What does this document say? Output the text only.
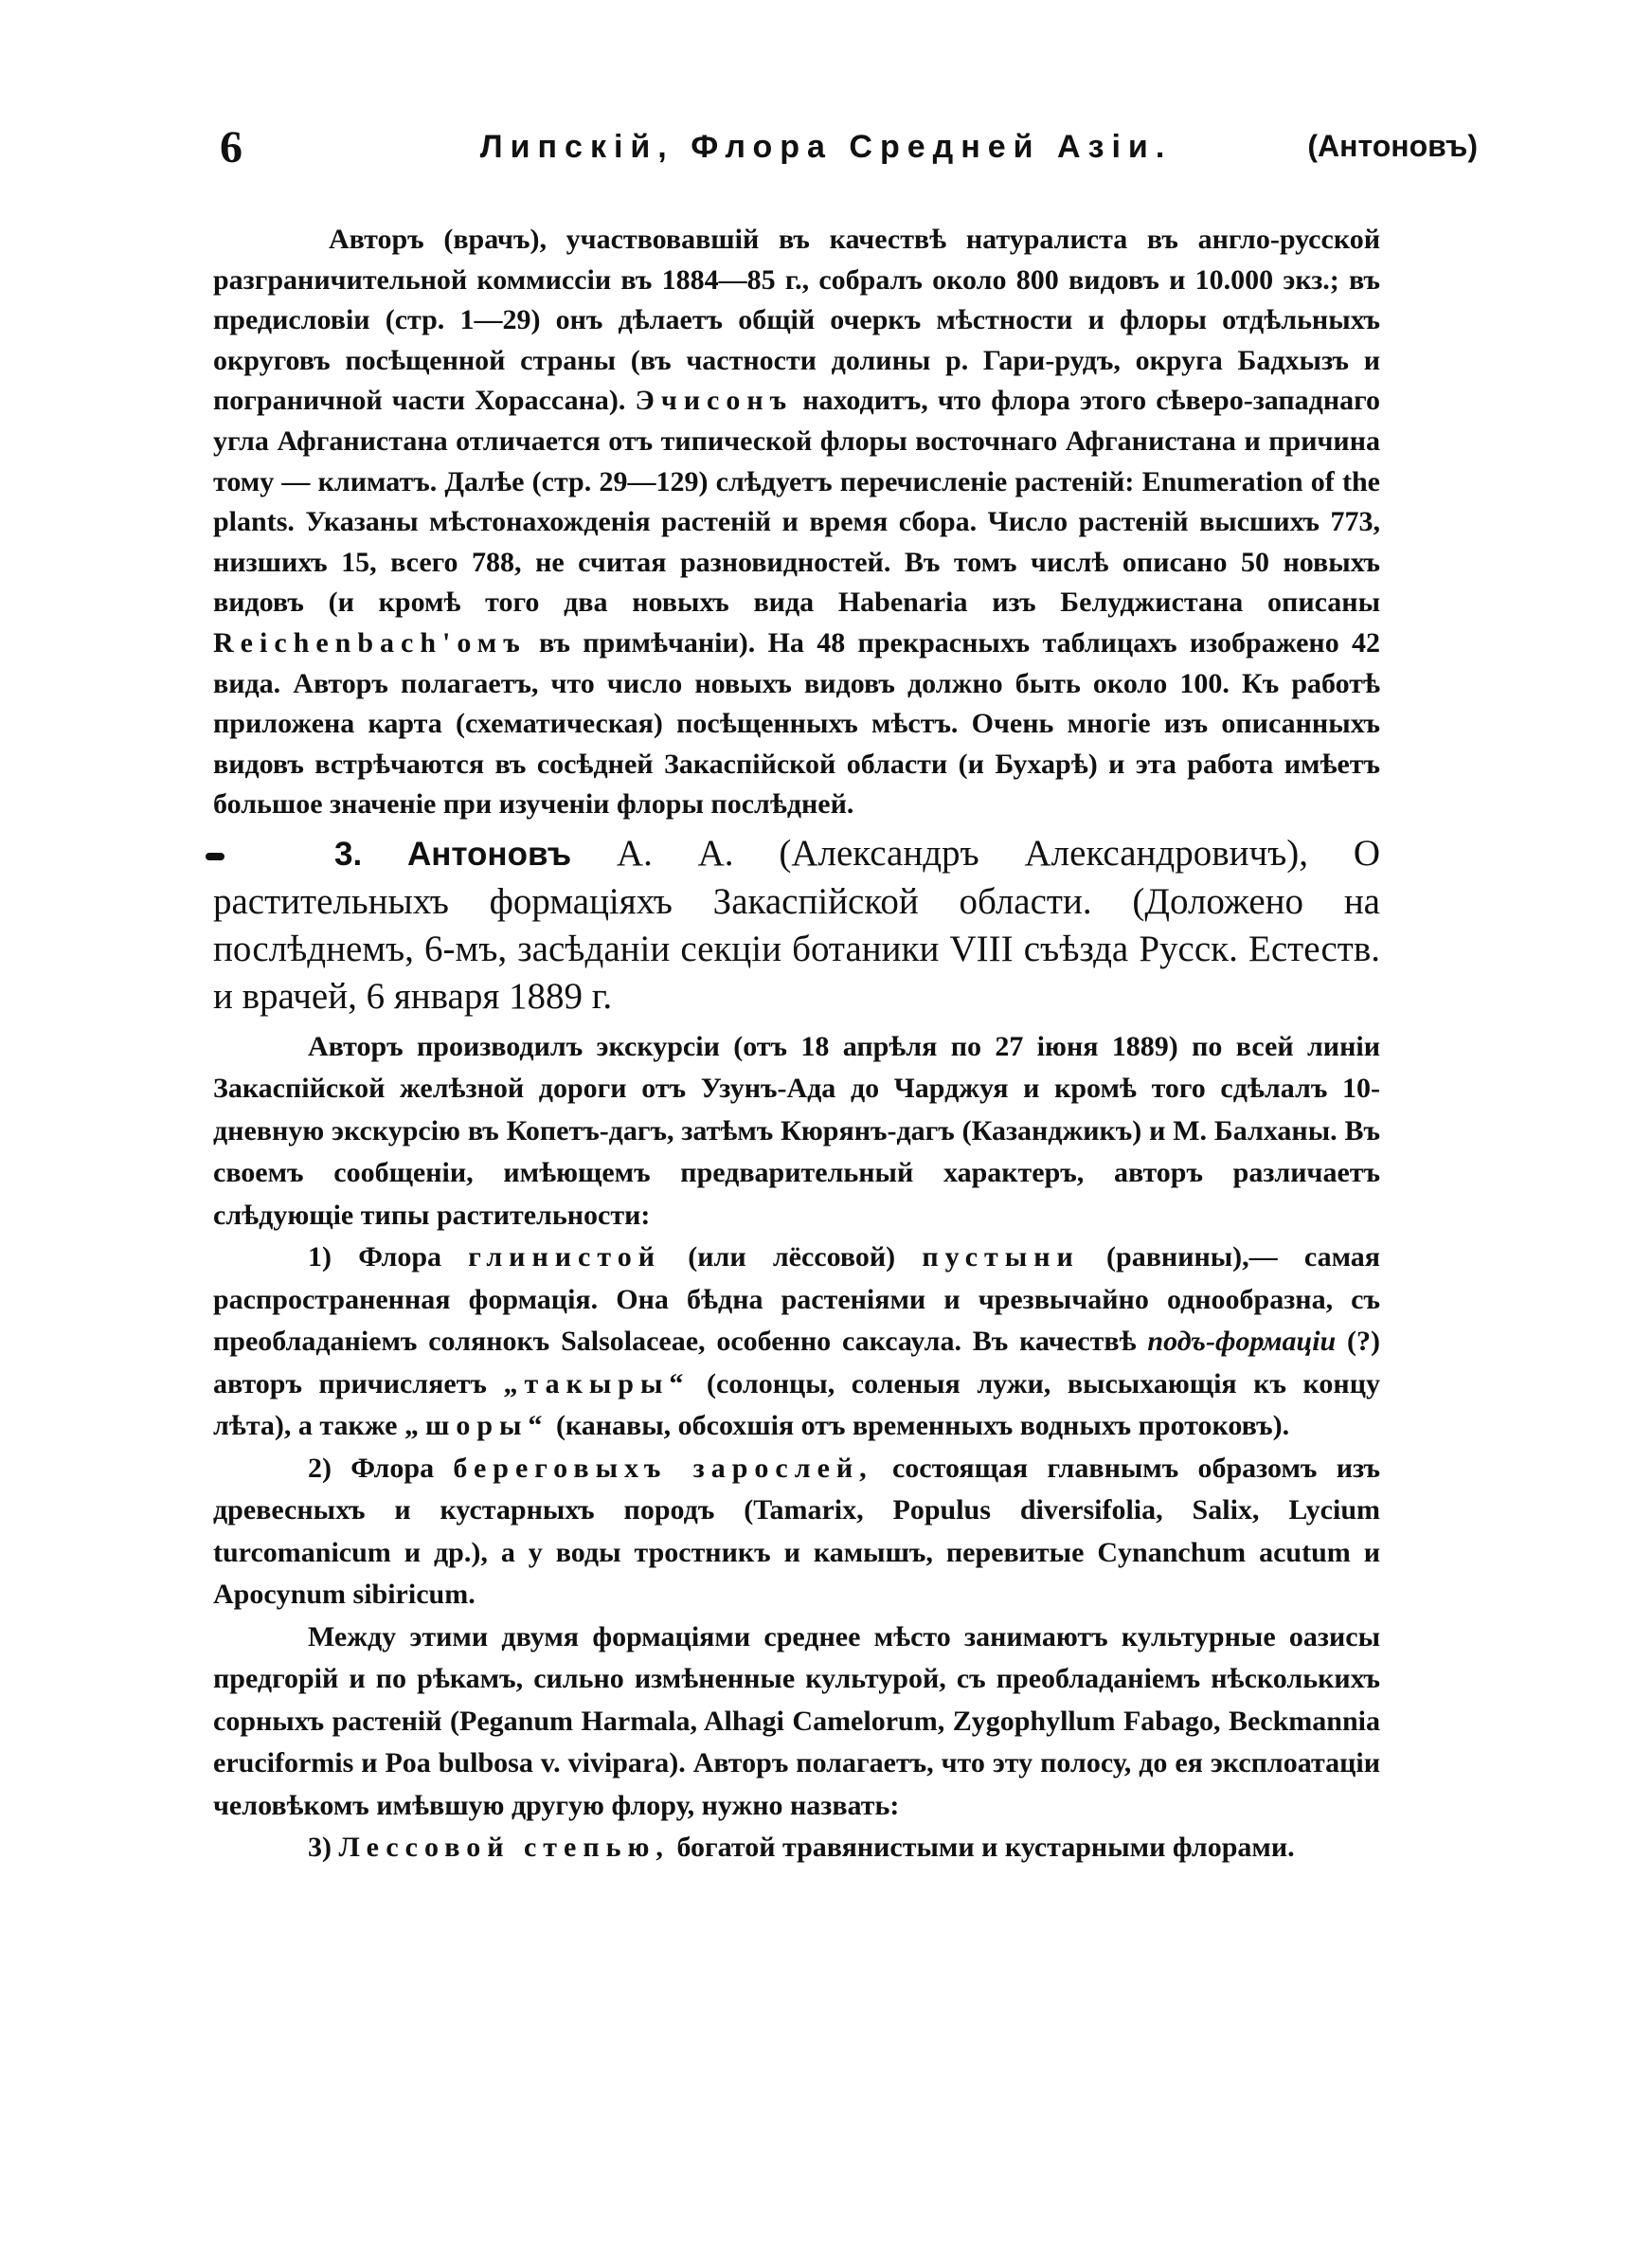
6	Липскій, Флора Средней Азіи.	(Антоновъ)

Авторъ (врачъ), участвовавшій въ качествѣ натуралиста въ англо-русской разграничительной коммиссіи въ 1884—85 г., собралъ около 800 видовъ и 10.000 экз.; въ предисловіи (стр. 1—29) онъ дѣлаетъ общій очеркъ мѣстности и флоры отдѣльныхъ округовъ посѣщенной страны (въ частности долины р. Гари-рудъ, округа Бадхызъ и пограничной части Хорассана). Эчисонъ находитъ, что флора этого сѣверо-западнаго угла Афганистана отличается отъ типической флоры восточнаго Афганистана и причина тому — климатъ. Далѣе (стр. 29—129) слѣдуетъ перечисленіе растеній: Enumeration of the plants. Указаны мѣстонахожденія растеній и время сбора. Число растеній высшихъ 773, низшихъ 15, всего 788, не считая разновидностей. Въ томъ числѣ описано 50 новыхъ видовъ (и кромѣ того два новыхъ вида Habenaria изъ Белуджистана описаны Reichenbach'омъ въ примѣчаніи). На 48 прекрасныхъ таблицахъ изображено 42 вида. Авторъ полагаетъ, что число новыхъ видовъ должно быть около 100. Къ работѣ приложена карта (схематическая) посѣщенныхъ мѣстъ. Очень многіе изъ описанныхъ видовъ встрѣчаются въ сосѣдней Закаспійской области (и Бухарѣ) и эта работа имѣетъ большое значеніе при изученіи флоры послѣдней.

3. Антоновъ А. А. (Александръ Александровичъ), О растительныхъ формаціяхъ Закаспійской области. (Доложено на послѣднемъ, 6-мъ, засѣданіи секціи ботаники VIII съѣзда Русск. Естеств. и врачей, 6 января 1889 г.

Авторъ производилъ экскурсіи (отъ 18 апрѣля по 27 іюня 1889) по всей линіи Закаспійской желѣзной дороги отъ Узунъ-Ада до Чарджуя и кромѣ того сдѣлалъ 10-дневную экскурсію въ Копетъ-дагъ, затѣмъ Кюрянъ-дагъ (Казанджикъ) и М. Балханы. Въ своемъ сообщеніи, имѣющемъ предварительный характеръ, авторъ различаетъ слѣдующіе типы растительности:

1) Флора глинистой (или лёссовой) пустыни (равнины),— самая распространенная формація. Она бѣдна растеніями и чрезвычайно однообразна, съ преобладаніемъ солянокъ Salsolaceae, особенно саксаула. Въ качествѣ подъ-формаціи (?) авторъ причисляетъ „такыры“ (солонцы, соленыя лужи, высыхающія къ концу лѣта), а также „шоры“ (канавы, обсохшія отъ временныхъ водныхъ протоковъ).

2) Флора береговыхъ зарослей, состоящая главнымъ образомъ изъ древесныхъ и кустарныхъ породъ (Tamarix, Populus diversifolia, Salix, Lycium turcomanicum и др.), а у воды тростникъ и камышъ, перевитые Cynanchum acutum и Apocynum sibiricum.

Между этими двумя формаціями среднее мѣсто занимаютъ культурные оазисы предгорій и по рѣкамъ, сильно измѣненные культурой, съ преобладаніемъ нѣсколькихъ сорныхъ растеній (Peganum Harmala, Alhagi Camelorum, Zygophyllum Fabago, Beckmannia eruciformis и Poa bulbosa v. vivipara). Авторъ полагаетъ, что эту полосу, до ея эксплоатаціи человѣкомъ имѣвшую другую флору, нужно назвать:

3) Лессовой степью, богатой травянистыми и кустарными флорами.
